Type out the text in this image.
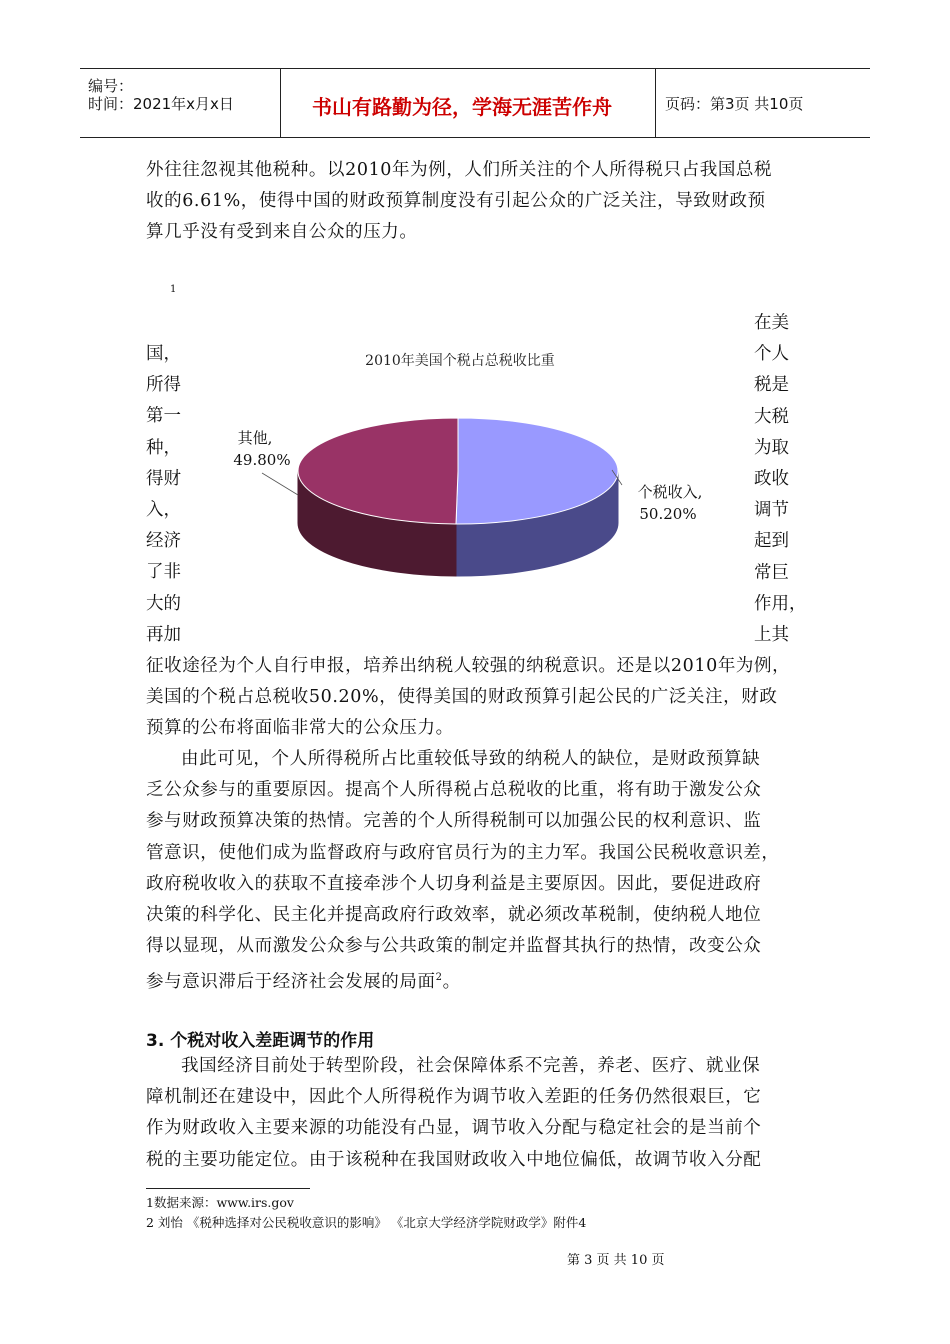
编号：
时间：2021年x月x日	书山有路勤为径，学海无涯苦作舟	页码：第3页 共10页
外往往忽视其他税种。以2010年为例，人们所关注的个人所得税只占我国总税
收的6.61%，使得中国的财政预算制度没有引起公众的广泛关注，导致财政预
算几乎没有受到来自公众的压力。
1
国，
所得
第一
种，
得财
入，
经济
了非
大的
再加
在美
个人
税是
大税
为取
政收
调节
起到
常巨
作用，
上其
2010年美国个税占总税收比重
其他,
49.80%
个税收入,
50.20%
征收途径为个人自行申报，培养出纳税人较强的纳税意识。还是以2010年为例，
美国的个税占总税收50.20%，使得美国的财政预算引起公民的广泛关注，财政
预算的公布将面临非常大的公众压力。
由此可见，个人所得税所占比重较低导致的纳税人的缺位，是财政预算缺
乏公众参与的重要原因。提高个人所得税占总税收的比重，将有助于激发公众
参与财政预算决策的热情。完善的个人所得税制可以加强公民的权利意识、监
管意识，使他们成为监督政府与政府官员行为的主力军。我国公民税收意识差，
政府税收收入的获取不直接牵涉个人切身利益是主要原因。因此，要促进政府
决策的科学化、民主化并提高政府行政效率，就必须改革税制，使纳税人地位
得以显现，从而激发公众参与公共政策的制定并监督其执行的热情，改变公众
参与意识滞后于经济社会发展的局面$^2$。
3. 个税对收入差距调节的作用
我国经济目前处于转型阶段，社会保障体系不完善，养老、医疗、就业保
障机制还在建设中，因此个人所得税作为调节收入差距的任务仍然很艰巨，它
作为财政收入主要来源的功能没有凸显，调节收入分配与稳定社会的是当前个
税的主要功能定位。由于该税种在我国财政收入中地位偏低，故调节收入分配
1数据来源：www.irs.gov
2 刘怡 《税种选择对公民税收意识的影响》 《北京大学经济学院财政学》附件4
第 3 页 共 10 页
